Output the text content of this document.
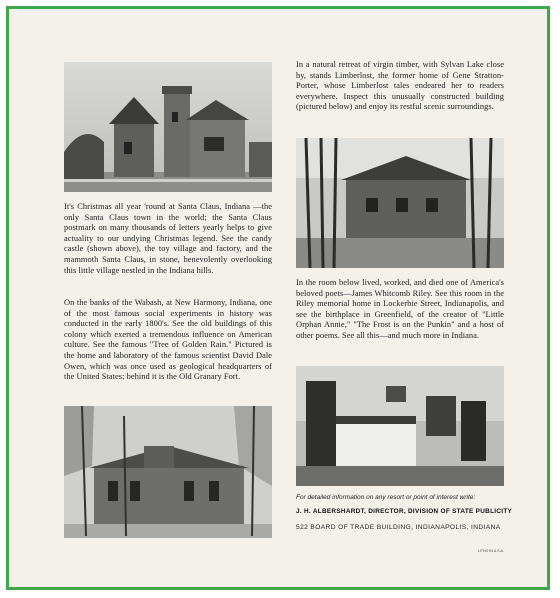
It's Christmas all year 'round at Santa Claus, Indiana —the only Santa Claus town in the world; the Santa Claus postmark on many thousands of letters yearly helps to give actuality to our undying Christmas legend. See the candy castle (shown above), the toy village and factory, and the mammoth Santa Claus, in stone, benevolently overlooking this little village nestled in the Indiana hills.

On the banks of the Wabash, at New Harmony, Indiana, one of the most famous social experiments in history was conducted in the early 1800's. See the old buildings of this colony which exerted a tremendous influence on American culture. See the famous "Tree of Golden Rain." Pictured is the home and laboratory of the famous scientist David Dale Owen, which was once used as geological headquarters of the United States; behind it is the Old Granary Fort.

In a natural retreat of virgin timber, with Sylvan Lake close by, stands Limberlost, the former home of Gene Stratton-Porter, whose Limberlost tales endeared her to readers everywhere. Inspect this unusually constructed building (pictured below) and enjoy its restful scenic surroundings.

In the room below lived, worked, and died one of America's beloved poets—James Whitcomb Riley. See this room in the Riley memorial home in Lockerbie Street, Indianapolis, and see the birthplace in Greenfield, of the creator of "Little Orphan Annie," "The Frost is on the Punkin" and a host of other poems. See all this—and much more in Indiana.

For detailed information on any resort or point of interest write:

J. H. ALBERSHARDT, DIRECTOR, DIVISION OF STATE PUBLICITY

522 BOARD OF TRADE BUILDING, INDIANAPOLIS, INDIANA

LITHO IN U.S.A.
